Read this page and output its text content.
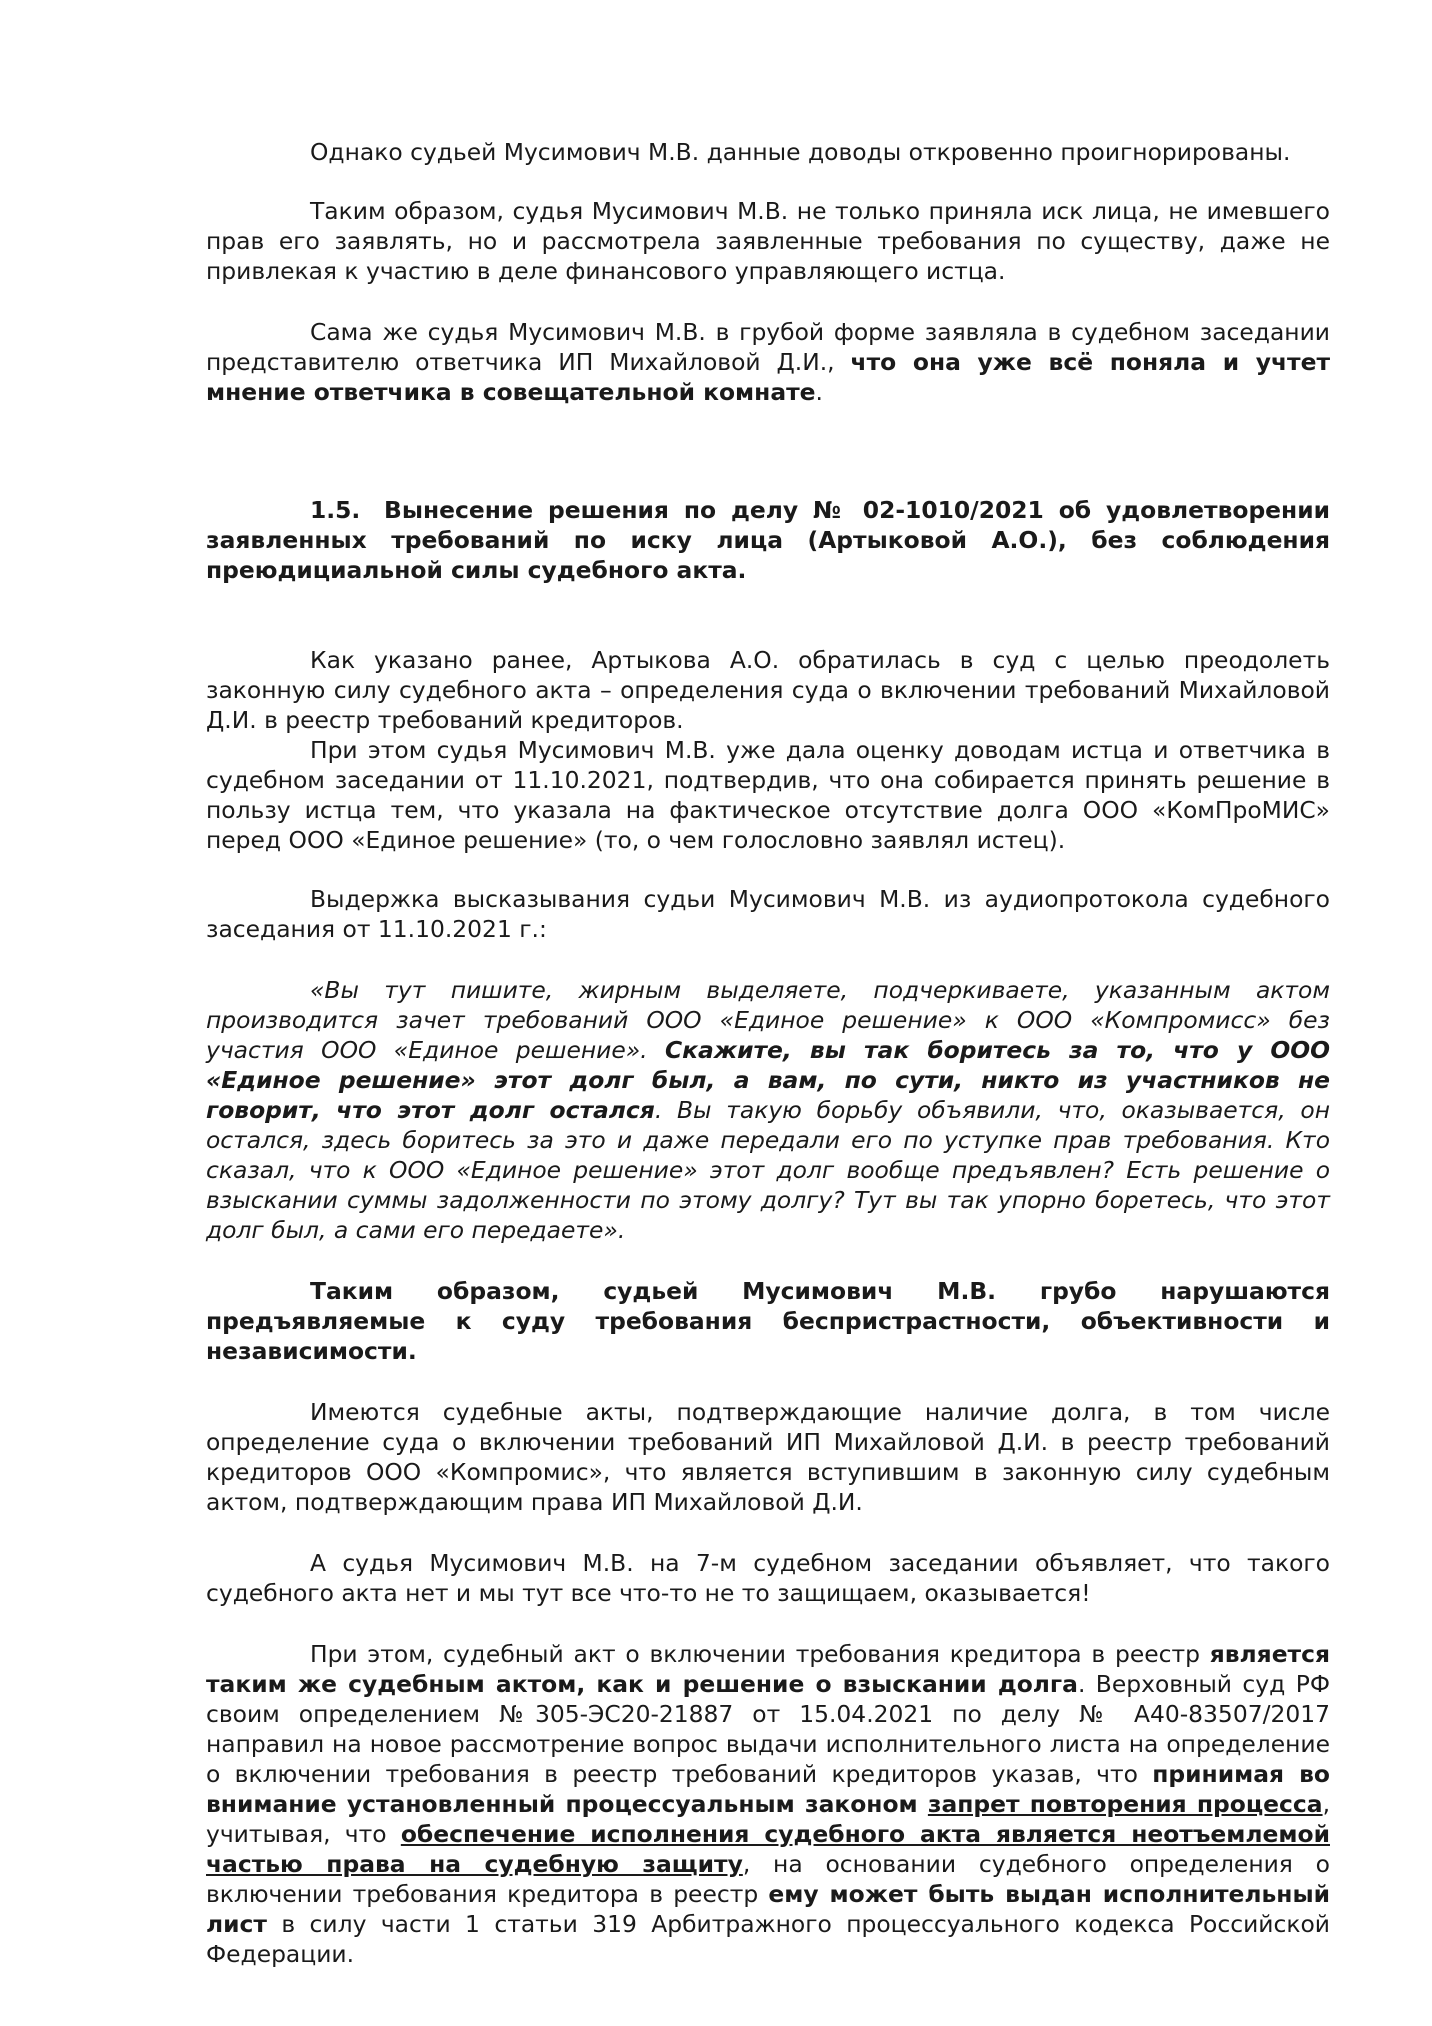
Однако судьей Мусимович М.В. данные доводы откровенно проигнорированы.

Таким образом, судья Мусимович М.В. не только приняла иск лица, не имевшего прав его заявлять, но и рассмотрела заявленные требования по существу, даже не привлекая к участию в деле финансового управляющего истца.

Сама же судья Мусимович М.В. в грубой форме заявляла в судебном заседании представителю ответчика ИП Михайловой Д.И., что она уже всё поняла и учтет мнение ответчика в совещательной комнате.

1.5. Вынесение решения по делу № 02-1010/2021 об удовлетворении заявленных требований по иску лица (Артыковой А.О.), без соблюдения преюдициальной силы судебного акта.

Как указано ранее, Артыкова А.О. обратилась в суд с целью преодолеть законную силу судебного акта – определения суда о включении требований Михайловой Д.И. в реестр требований кредиторов.

При этом судья Мусимович М.В. уже дала оценку доводам истца и ответчика в судебном заседании от 11.10.2021, подтвердив, что она собирается принять решение в пользу истца тем, что указала на фактическое отсутствие долга ООО «КомПроМИС» перед ООО «Единое решение» (то, о чем голословно заявлял истец).

Выдержка высказывания судьи Мусимович М.В. из аудиопротокола судебного заседания от 11.10.2021 г.:

«Вы тут пишите, жирным выделяете, подчеркиваете, указанным актом производится зачет требований ООО «Единое решение» к ООО «Компромисс» без участия ООО «Единое решение». Скажите, вы так боритесь за то, что у ООО «Единое решение» этот долг был, а вам, по сути, никто из участников не говорит, что этот долг остался. Вы такую борьбу объявили, что, оказывается, он остался, здесь боритесь за это и даже передали его по уступке прав требования. Кто сказал, что к ООО «Единое решение» этот долг вообще предъявлен? Есть решение о взыскании суммы задолженности по этому долгу? Тут вы так упорно боретесь, что этот долг был, а сами его передаете».

Таким образом, судьей Мусимович М.В. грубо нарушаются предъявляемые к суду требования беспристрастности, объективности и независимости.

Имеются судебные акты, подтверждающие наличие долга, в том числе определение суда о включении требований ИП Михайловой Д.И. в реестр требований кредиторов ООО «Компромис», что является вступившим в законную силу судебным актом, подтверждающим права ИП Михайловой Д.И.

А судья Мусимович М.В. на 7-м судебном заседании объявляет, что такого судебного акта нет и мы тут все что-то не то защищаем, оказывается!

При этом, судебный акт о включении требования кредитора в реестр является таким же судебным актом, как и решение о взыскании долга. Верховный суд РФ своим определением №305-ЭС20-21887 от 15.04.2021 по делу № А40-83507/2017 направил на новое рассмотрение вопрос выдачи исполнительного листа на определение о включении требования в реестр требований кредиторов указав, что принимая во внимание установленный процессуальным законом запрет повторения процесса, учитывая, что обеспечение исполнения судебного акта является неотъемлемой частью права на судебную защиту, на основании судебного определения о включении требования кредитора в реестр ему может быть выдан исполнительный лист в силу части 1 статьи 319 Арбитражного процессуального кодекса Российской Федерации.
